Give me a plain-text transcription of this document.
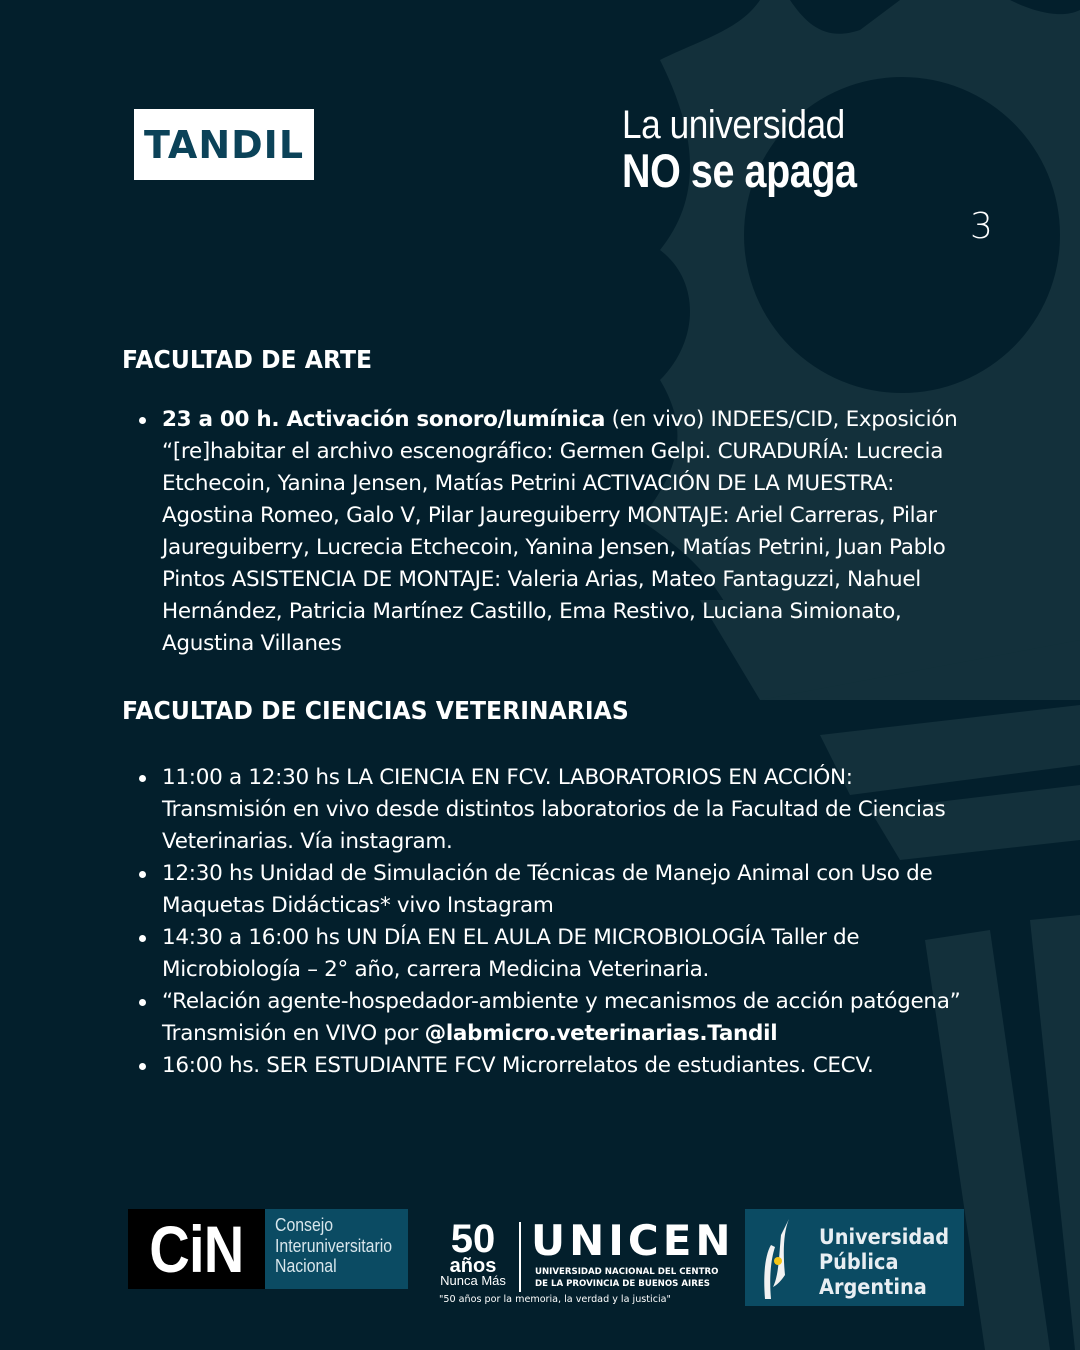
TANDIL	La universidad
NO se apaga
3
FACULTAD DE ARTE
23 a 00 h. Activación sonoro/lumínica (en vivo) INDEES/CID, Exposición “[re]habitar el archivo escenográfico: Germen Gelpi. CURADURÍA: Lucrecia Etchecoin, Yanina Jensen, Matías Petrini ACTIVACIÓN DE LA MUESTRA: Agostina Romeo, Galo V, Pilar Jaureguiberry MONTAJE: Ariel Carreras, Pilar Jaureguiberry, Lucrecia Etchecoin, Yanina Jensen, Matías Petrini, Juan Pablo Pintos ASISTENCIA DE MONTAJE: Valeria Arias, Mateo Fantaguzzi, Nahuel Hernández, Patricia Martínez Castillo, Ema Restivo, Luciana Simionato, Agustina Villanes
FACULTAD DE CIENCIAS VETERINARIAS
11:00 a 12:30 hs LA CIENCIA EN FCV. LABORATORIOS EN ACCIÓN: Transmisión en vivo desde distintos laboratorios de la Facultad de Ciencias Veterinarias. Vía instagram.
12:30 hs Unidad de Simulación de Técnicas de Manejo Animal con Uso de Maquetas Didácticas* vivo Instagram
14:30 a 16:00 hs UN DÍA EN EL AULA DE MICROBIOLOGÍA Taller de Microbiología – 2° año, carrera Medicina Veterinaria.
“Relación agente-hospedador-ambiente y mecanismos de acción patógena” Transmisión en VIVO por @labmicro.veterinarias.Tandil
16:00 hs. SER ESTUDIANTE FCV Microrrelatos de estudiantes. CECV.
CiN Consejo
Interuniversitario
Nacional
50
años
Nunca Más
UNICEN
UNIVERSIDAD NACIONAL DEL CENTRO
DE LA PROVINCIA DE BUENOS AIRES
"50 años por la memoria, la verdad y la justicia"
Universidad
Pública
Argentina
